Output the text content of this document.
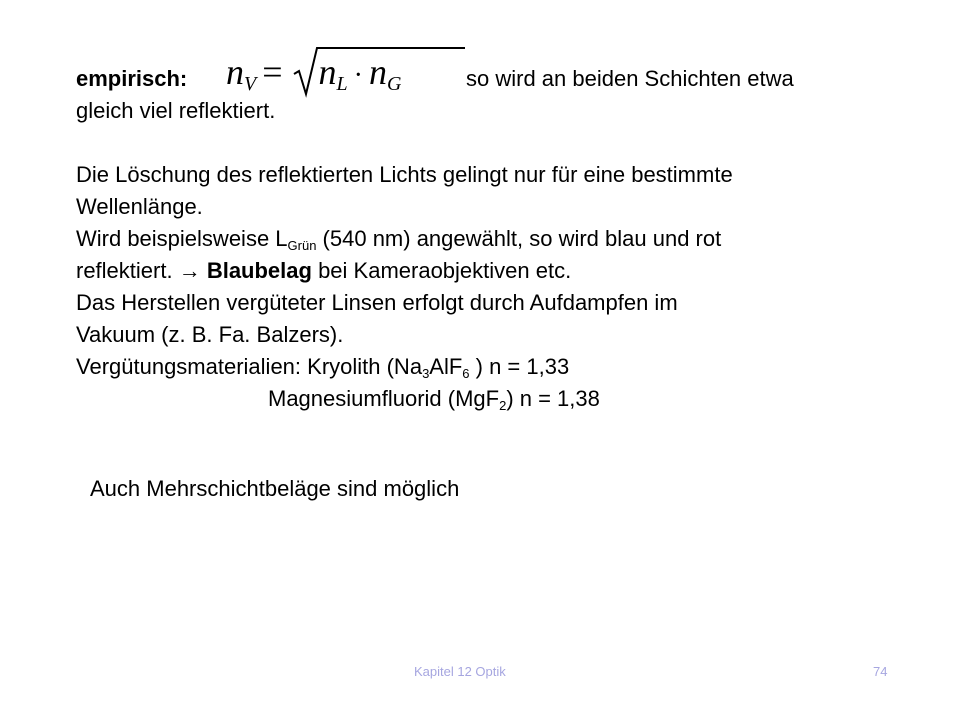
empirisch: nV = nL · nG	so wird an beiden Schichten etwa
gleich viel reflektiert.
Die Löschung des reflektierten Lichts gelingt nur für eine bestimmte
Wellenlänge.
Wird beispielsweise $L_{Grün}$ (540 nm) angewählt, so wird blau und rot
reflektiert. → Blaubelag bei Kameraobjektiven etc.
Das Herstellen vergüteter Linsen erfolgt durch Aufdampfen im
Vakuum (z. B. Fa. Balzers).
Vergütungsmaterialien: Kryolith ($Na_3AlF_6$ ) n = 1,33
Magnesiumfluorid (MgF$_2$) n = 1,38
Auch Mehrschichtbeläge sind möglich
Kapitel 12 Optik	74
